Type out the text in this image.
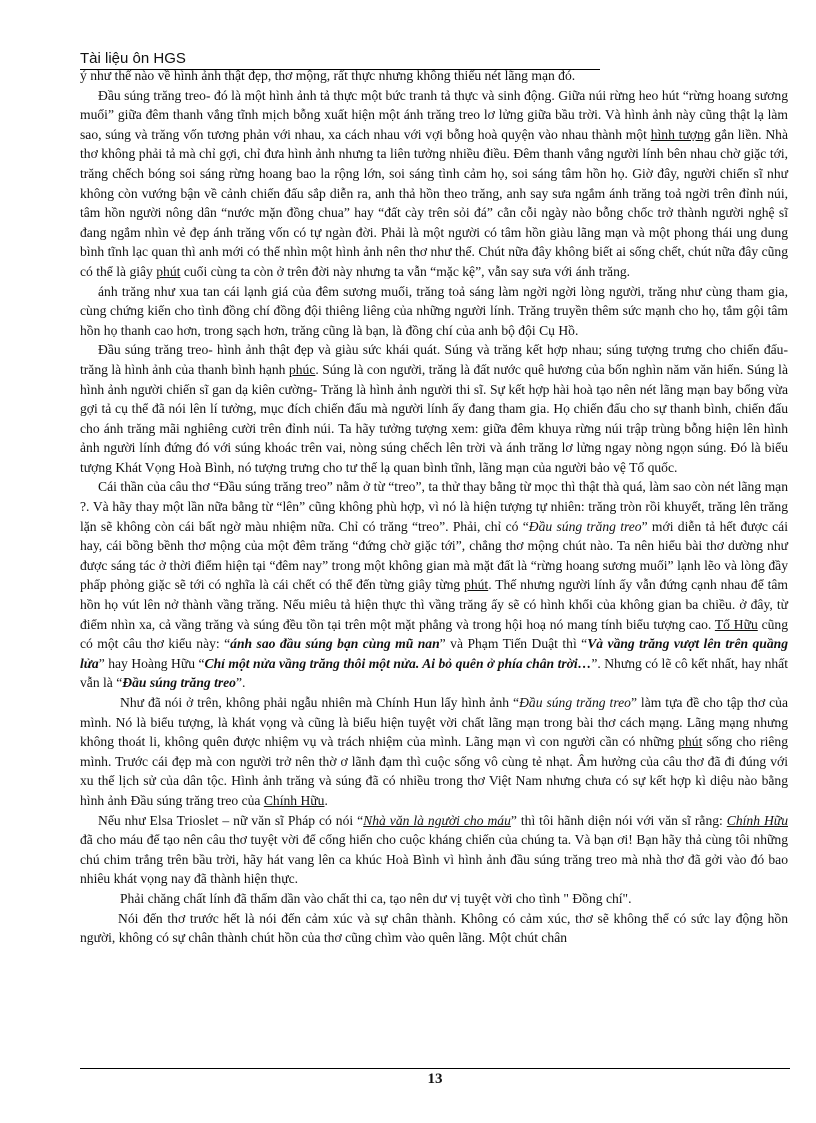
Tài liệu ôn HGS

ý như thế nào về hình ảnh thật đẹp, thơ mộng, rất thực nhưng không thiếu nét lãng mạn đó.

Đầu súng trăng treo- đó là một hình ảnh tả thực một bức tranh tả thực và sinh động. Giữa núi rừng heo hút “rừng hoang sương muối” giữa đêm thanh vắng tĩnh mịch bỗng xuất hiện một ánh trăng treo lơ lửng giữa bầu trời. Và hình ảnh này cũng thật lạ làm sao, súng và trăng vốn tương phản với nhau, xa cách nhau với vợi bỗng hoà quyện vào nhau thành một hình tượng gắn liền. Nhà thơ không phải tả mà chỉ gợi, chỉ đưa hình ảnh nhưng ta liên tưởng nhiều điều. Đêm thanh vắng người lính bên nhau chờ giặc tới, trăng chếch bóng soi sáng rừng hoang bao la rộng lớn, soi sáng tình cảm họ, soi sáng tâm hồn họ. Giờ đây, người chiến sĩ như không còn vướng bận về cảnh chiến đấu sắp diễn ra, anh thả hồn theo trăng, anh say sưa ngắm ánh trăng toả ngời trên đỉnh núi, tâm hồn người nông dân “nước mặn đồng chua” hay “đất cày trên sỏi đá” cằn cỗi ngày nào bỗng chốc trở thành người nghệ sĩ đang ngắm nhìn vẻ đẹp ánh trăng vốn có tự ngàn đời. Phải là một người có tâm hồn giàu lãng mạn và một phong thái ung dung bình tĩnh lạc quan thì anh mới có thể nhìn một hình ảnh nên thơ như thế. Chút nữa đây không biết ai sống chết, chút nữa đây cũng có thể là giây phút cuối cùng ta còn ở trên đời này nhưng ta vẫn “mặc kệ”, vẫn say sưa với ánh trăng.

ánh trăng như xua tan cái lạnh giá của đêm sương muối, trăng toả sáng làm ngời ngời lòng người, trăng như cùng tham gia, cùng chứng kiến cho tình đồng chí đồng đội thiêng liêng của những người lính. Trăng truyền thêm sức mạnh cho họ, tắm gội tâm hồn họ thanh cao hơn, trong sạch hơn, trăng cũng là bạn, là đồng chí của anh bộ đội Cụ Hồ.

Đầu súng trăng treo- hình ảnh thật đẹp và giàu sức khái quát. Súng và trăng kết hợp nhau; súng tượng trưng cho chiến đấu- trăng là hình ảnh của thanh bình hạnh phúc. Súng là con người, trăng là đất nước quê hương của bốn nghìn năm văn hiến. Súng là hình ảnh người chiến sĩ gan dạ kiên cường- Trăng là hình ảnh người thi sĩ. Sự kết hợp hài hoà tạo nên nét lãng mạn bay bổng vừa gợi tả cụ thể đã nói lên lí tưởng, mục đích chiến đấu mà người lính ấy đang tham gia. Họ chiến đấu cho sự thanh bình, chiến đấu cho ánh trăng mãi nghiêng cười trên đỉnh núi. Ta hãy tưởng tượng xem: giữa đêm khuya rừng núi trập trùng bỗng hiện lên hình ảnh người lính đứng đó với súng khoác trên vai, nòng súng chếch lên trời và ánh trăng lơ lửng ngay nòng ngọn súng. Đó là biểu tượng Khát Vọng Hoà Bình, nó tượng trưng cho tư thế lạ quan bình tĩnh, lãng mạn của người bảo vệ Tổ quốc.

Cái thần của câu thơ “Đầu súng trăng treo” nằm ở từ “treo”, ta thử thay bằng từ mọc thì thật thà quá, làm sao còn nét lãng mạn ?. Và hãy thay một lần nữa bằng từ “lên” cũng không phù hợp, vì nó là hiện tượng tự nhiên: trăng tròn rồi khuyết, trăng lên trăng lặn sẽ không còn cái bất ngờ màu nhiệm nữa. Chỉ có trăng “treo”. Phải, chỉ có “Đầu súng trăng treo” mới diễn tả hết được cái hay, cái bồng bềnh thơ mộng của một đêm trăng “đứng chờ giặc tới”, chẳng thơ mộng chút nào. Ta nên hiểu bài thơ dường như được sáng tác ở thời điểm hiện tại “đêm nay” trong một không gian mà mặt đất là “rừng hoang sương muối” lạnh lẽo và lòng đầy phấp phỏng giặc sẽ tới có nghĩa là cái chết có thể đến từng giây từng phút. Thế nhưng người lính ấy vẫn đứng cạnh nhau để tâm hồn họ vút lên nở thành vầng trăng. Nếu miêu tả hiện thực thì vầng trăng ấy sẽ có hình khối của không gian ba chiều. ở đây, từ điểm nhìn xa, cả vầng trăng và súng đều tồn tại trên một mặt phẳng và trong hội hoạ nó mang tính biểu tượng cao. Tố Hữu cũng có một câu thơ kiểu này: “ánh sao đầu súng bạn cùng mũ nan” và Phạm Tiến Duật thì “Và vầng trăng vượt lên trên quầng lửa” hay Hoàng Hữu “Chỉ một nửa vầng trăng thôi một nửa. Ai bỏ quên ở phía chân trời…”. Nhưng có lẽ cô kết nhất, hay nhất vẫn là “Đầu súng trăng treo”.

Như đã nói ở trên, không phải ngẫu nhiên mà Chính Hun lấy hình ảnh “Đầu súng trăng treo” làm tựa đề cho tập thơ của mình. Nó là biểu tượng, là khát vọng và cũng là biểu hiện tuyệt vời chất lãng mạn trong bài thơ cách mạng. Lãng mạng nhưng không thoát li, không quên được nhiệm vụ và trách nhiệm của mình. Lãng mạn vì con người cần có những phút sống cho riêng mình. Trước cái đẹp mà con người trở nên thờ ơ lãnh đạm thì cuộc sống vô cùng tẻ nhạt. Âm hưởng của câu thơ đã đi đúng với xu thế lịch sử của dân tộc. Hình ảnh trăng và súng đã có nhiều trong thơ Việt Nam nhưng chưa có sự kết hợp kì diệu nào bằng hình ảnh Đầu súng trăng treo của Chính Hữu.

Nếu như Elsa Trioslet – nữ văn sĩ Pháp có nói “Nhà văn là người cho máu” thì tôi hãnh diện nói với văn sĩ rằng: Chính Hữu đã cho máu để tạo nên câu thơ tuyệt vời để cống hiến cho cuộc kháng chiến của chúng ta. Và bạn ơi! Bạn hãy thả cùng tôi những chú chim trắng trên bầu trời, hãy hát vang lên ca khúc Hoà Bình vì hình ảnh đầu súng trăng treo mà nhà thơ đã gởi vào đó bao nhiêu khát vọng nay đã thành hiện thực.

Phải chăng chất lính đã thấm dần vào chất thi ca, tạo nên dư vị tuyệt vời cho tình " Đồng chí".

Nói đến thơ trước hết là nói đến cảm xúc và sự chân thành. Không có cảm xúc, thơ sẽ không thể có sức lay động hồn người, không có sự chân thành chút hồn của thơ cũng chìm vào quên lãng. Một chút chân

13
